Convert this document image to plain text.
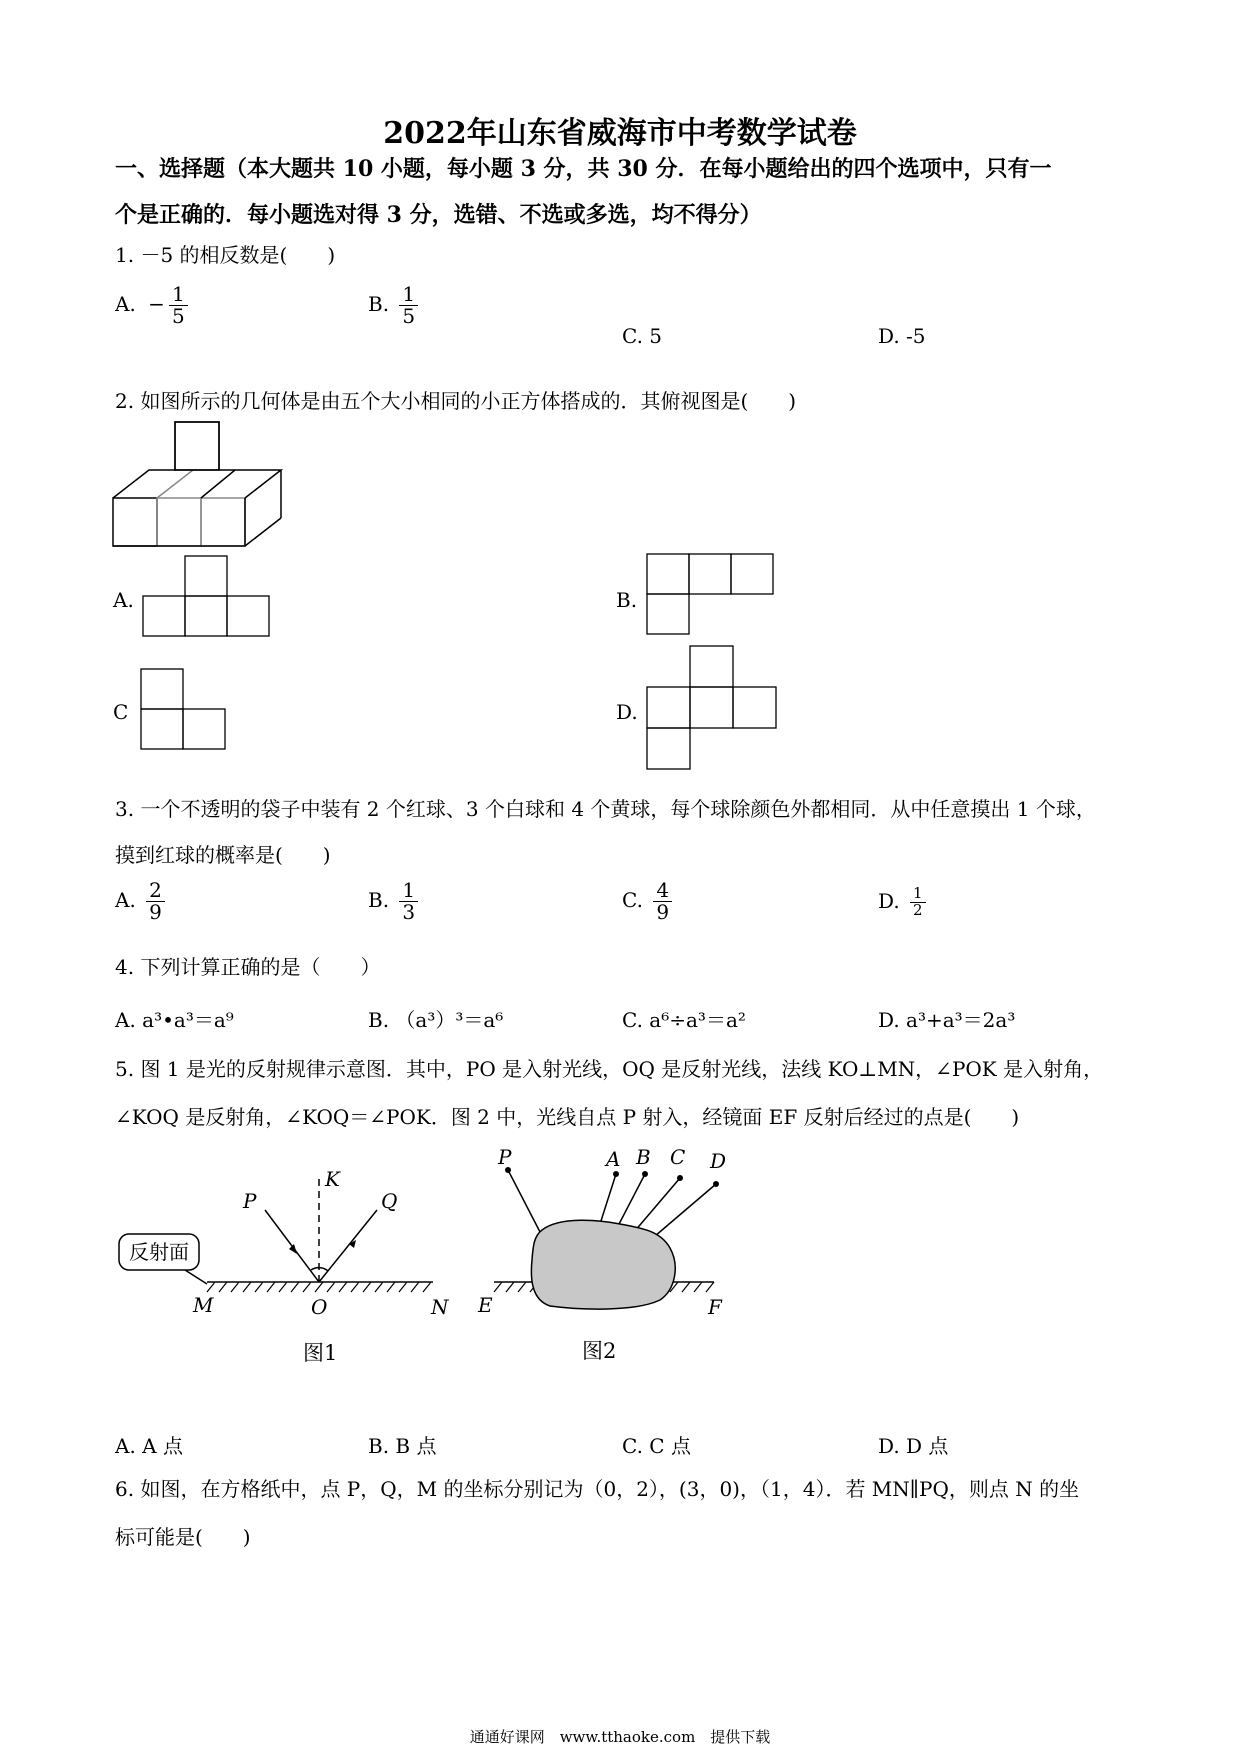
2022年山东省威海市中考数学试卷
一、选择题（本大题共 10 小题，每小题 3 分，共 30 分．在每小题给出的四个选项中，只有一
个是正确的．每小题选对得 3 分，选错、不选或多选，均不得分）
1. －5 的相反数是(　　)
A. − $\frac{1}{5}$	B. $\frac{1}{5}$
C. 5	D. -5
2. 如图所示的几何体是由五个大小相同的小正方体搭成的．其俯视图是(　　)
A.	B.
C	D.
3. 一个不透明的袋子中装有 2 个红球、3 个白球和 4 个黄球，每个球除颜色外都相同．从中任意摸出 1 个球，
摸到红球的概率是(　　)
A. $\frac{2}{9}$	B. $\frac{1}{3}$	C. $\frac{4}{9}$	D. $\frac{1}{2}$
4. 下列计算正确的是（　　）
A. a³•a³＝a⁹	B. （a³）³＝a⁶	C. a⁶÷a³＝a²	D. a³+a³＝2a³
5. 图 1 是光的反射规律示意图．其中，PO 是入射光线，OQ 是反射光线，法线 KO⊥MN，∠POK 是入射角，
∠KOQ 是反射角，∠KOQ＝∠POK．图 2 中，光线自点 P 射入，经镜面 EF 反射后经过的点是(　　)
反射面
P
K
Q
M	O	N
图1
P	A B C D
E	F
图2
A. A 点	B. B 点	C. C 点	D. D 点
6. 如图，在方格纸中，点 P，Q，M 的坐标分别记为（0，2），(3，0)，（1，4）．若 MN∥PQ，则点 N 的坐
标可能是(　　)
通通好课网　www.tthaoke.com　提供下载
